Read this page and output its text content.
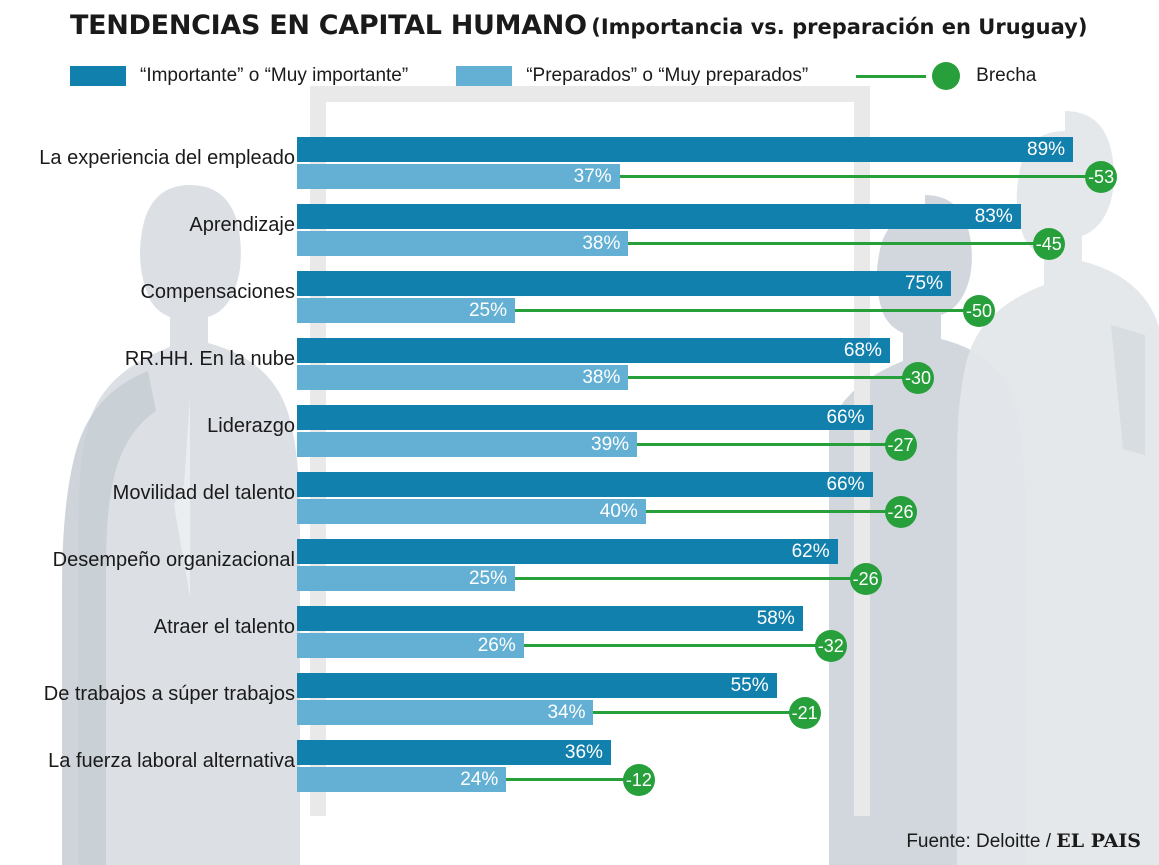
TENDENCIAS EN CAPITAL HUMANO (Importancia vs. preparación en Uruguay)
“Importante” o “Muy importante”	“Preparados” o “Muy preparados”	Brecha
La experiencia del empleado	89%
37%	-53
Aprendizaje	83%
38%	-45
Compensaciones	75%
25%	-50
RR.HH. En la nube	68%
38%	-30
Liderazgo	66%
39%	-27
Movilidad del talento	66%
40%	-26
Desempeño organizacional	62%
25%	-26
Atraer el talento	58%
26%	-32
De trabajos a súper trabajos	55%
34%	-21
La fuerza laboral alternativa	36%
24%	-12
Fuente: Deloitte / EL PAIS
